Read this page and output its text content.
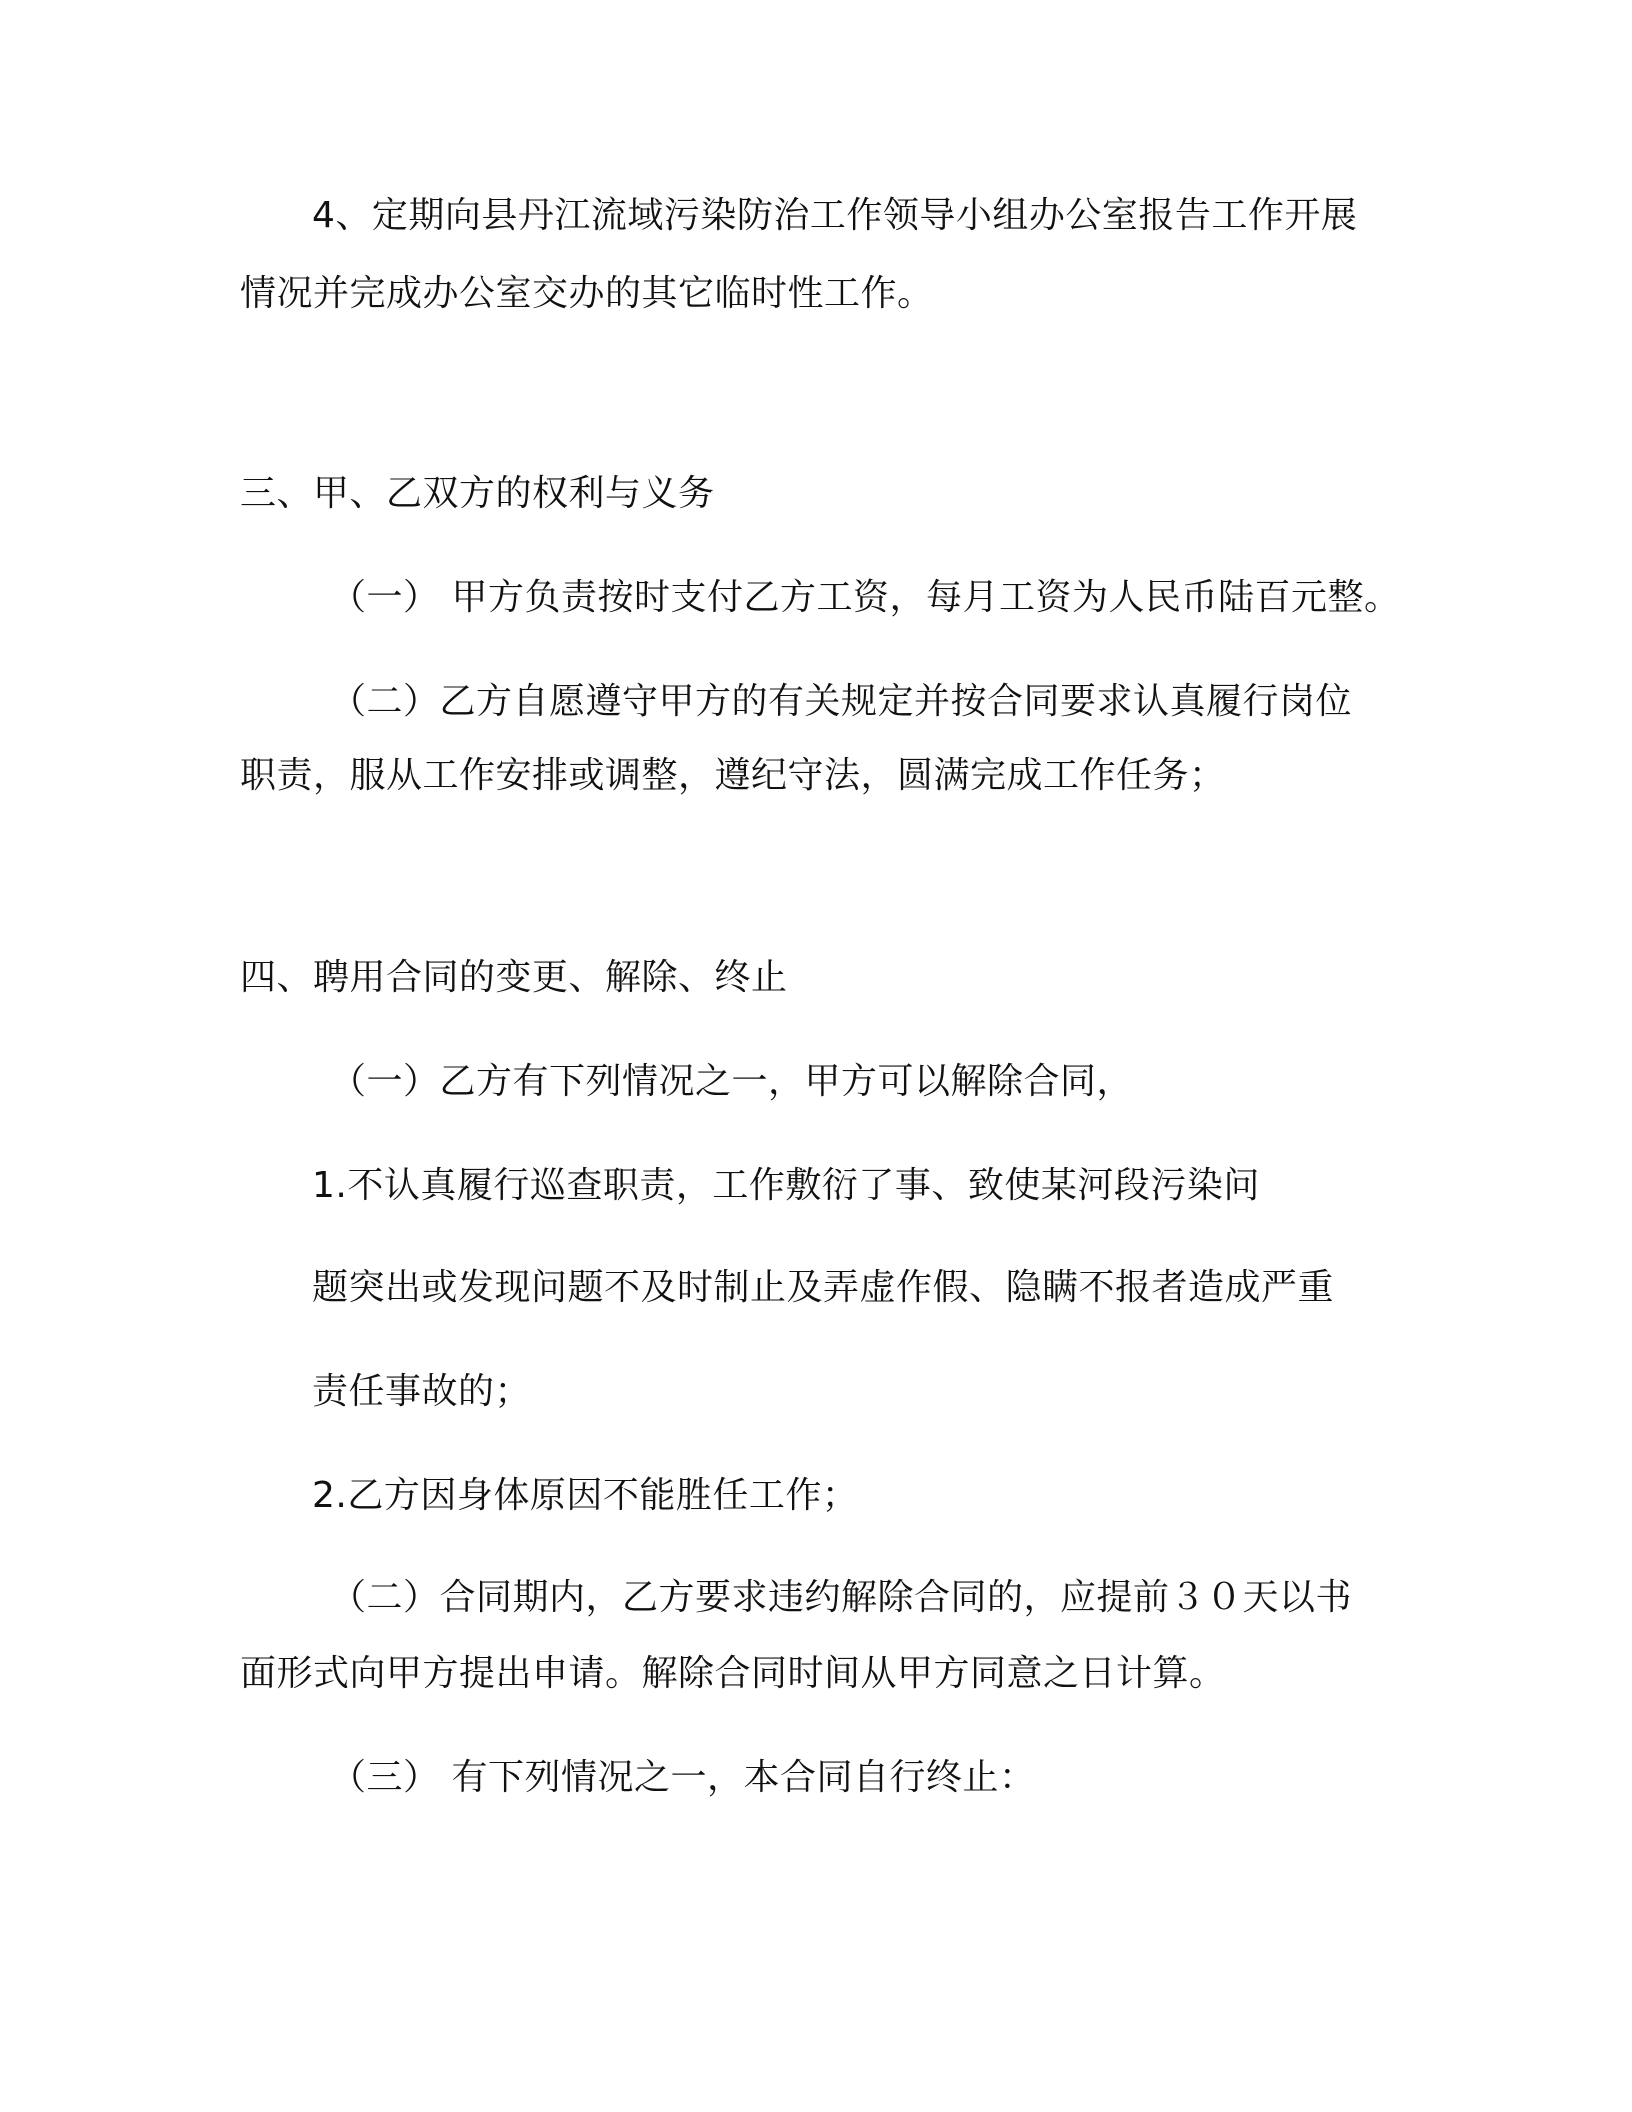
4、定期向县丹江流域污染防治工作领导小组办公室报告工作开展
情况并完成办公室交办的其它临时性工作。
三、甲、乙双方的权利与义务
（一） 甲方负责按时支付乙方工资，每月工资为人民币陆百元整。
（二）乙方自愿遵守甲方的有关规定并按合同要求认真履行岗位
职责，服从工作安排或调整，遵纪守法，圆满完成工作任务；
四、聘用合同的变更、解除、终止
（一）乙方有下列情况之一，甲方可以解除合同，
1.不认真履行巡查职责，工作敷衍了事、致使某河段污染问
题突出或发现问题不及时制止及弄虚作假、隐瞒不报者造成严重
责任事故的；
2.乙方因身体原因不能胜任工作；
（二）合同期内，乙方要求违约解除合同的，应提前３０天以书
面形式向甲方提出申请。解除合同时间从甲方同意之日计算。
（三） 有下列情况之一，本合同自行终止：
